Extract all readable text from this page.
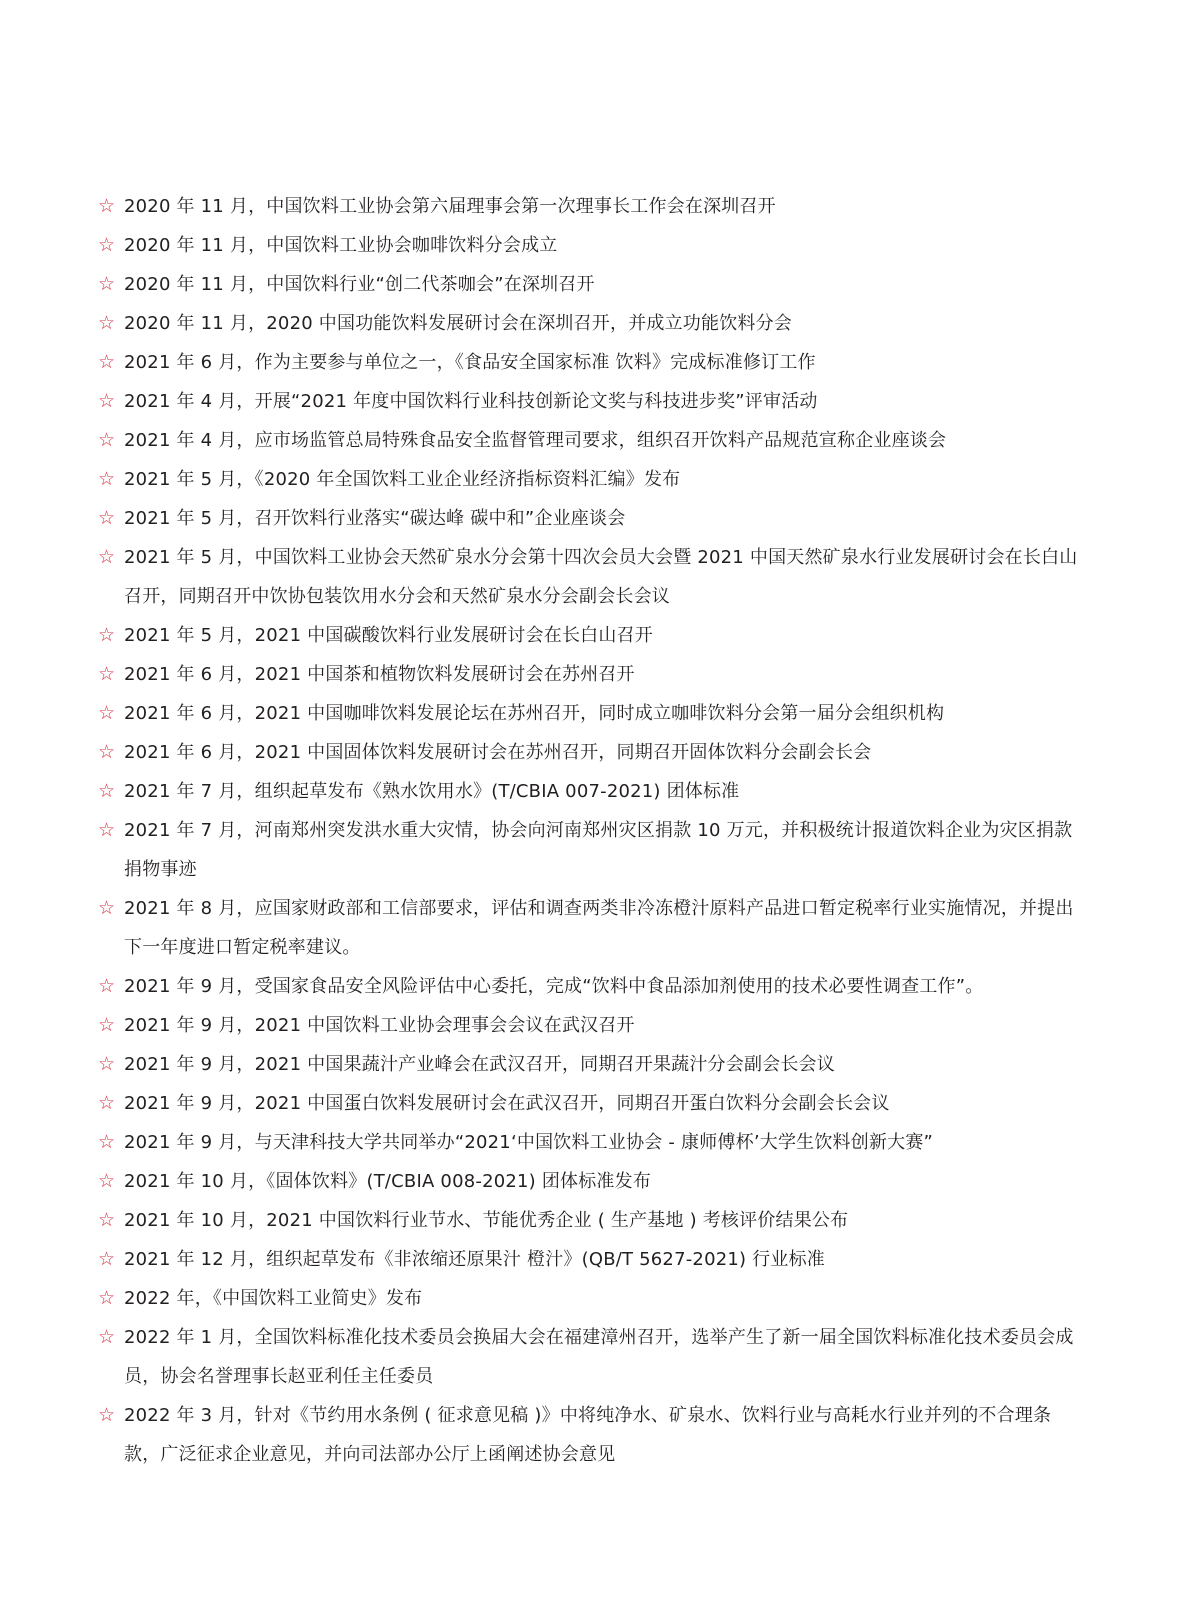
☆ 2020 年 11 月，中国饮料工业协会第六届理事会第一次理事长工作会在深圳召开
☆ 2020 年 11 月，中国饮料工业协会咖啡饮料分会成立
☆ 2020 年 11 月，中国饮料行业“创二代茶咖会”在深圳召开
☆ 2020 年 11 月，2020 中国功能饮料发展研讨会在深圳召开，并成立功能饮料分会
☆ 2021 年 6 月，作为主要参与单位之一，《食品安全国家标准 饮料》完成标准修订工作
☆ 2021 年 4 月，开展“2021 年度中国饮料行业科技创新论文奖与科技进步奖”评审活动
☆ 2021 年 4 月，应市场监管总局特殊食品安全监督管理司要求，组织召开饮料产品规范宣称企业座谈会
☆ 2021 年 5 月，《2020 年全国饮料工业企业经济指标资料汇编》发布
☆ 2021 年 5 月，召开饮料行业落实“碳达峰 碳中和”企业座谈会
☆ 2021 年 5 月，中国饮料工业协会天然矿泉水分会第十四次会员大会暨 2021 中国天然矿泉水行业发展研讨会在长白山召开，同期召开中饮协包装饮用水分会和天然矿泉水分会副会长会议
☆ 2021 年 5 月，2021 中国碳酸饮料行业发展研讨会在长白山召开
☆ 2021 年 6 月，2021 中国茶和植物饮料发展研讨会在苏州召开
☆ 2021 年 6 月，2021 中国咖啡饮料发展论坛在苏州召开，同时成立咖啡饮料分会第一届分会组织机构
☆ 2021 年 6 月，2021 中国固体饮料发展研讨会在苏州召开，同期召开固体饮料分会副会长会
☆ 2021 年 7 月，组织起草发布《熟水饮用水》(T/CBIA 007-2021) 团体标准
☆ 2021 年 7 月，河南郑州突发洪水重大灾情，协会向河南郑州灾区捐款 10 万元，并积极统计报道饮料企业为灾区捐款捐物事迹
☆ 2021 年 8 月，应国家财政部和工信部要求，评估和调查两类非冷冻橙汁原料产品进口暂定税率行业实施情况，并提出下一年度进口暂定税率建议。
☆ 2021 年 9 月，受国家食品安全风险评估中心委托，完成“饮料中食品添加剂使用的技术必要性调查工作”。
☆ 2021 年 9 月，2021 中国饮料工业协会理事会会议在武汉召开
☆ 2021 年 9 月，2021 中国果蔬汁产业峰会在武汉召开，同期召开果蔬汁分会副会长会议
☆ 2021 年 9 月，2021 中国蛋白饮料发展研讨会在武汉召开，同期召开蛋白饮料分会副会长会议
☆ 2021 年 9 月，与天津科技大学共同举办“2021‘中国饮料工业协会 - 康师傅杯’大学生饮料创新大赛”
☆ 2021 年 10 月，《固体饮料》(T/CBIA 008-2021) 团体标准发布
☆ 2021 年 10 月，2021 中国饮料行业节水、节能优秀企业 ( 生产基地 ) 考核评价结果公布
☆ 2021 年 12 月，组织起草发布《非浓缩还原果汁 橙汁》(QB/T 5627-2021) 行业标准
☆ 2022 年，《中国饮料工业简史》发布
☆ 2022 年 1 月，全国饮料标准化技术委员会换届大会在福建漳州召开，选举产生了新一届全国饮料标准化技术委员会成员，协会名誉理事长赵亚利任主任委员
☆ 2022 年 3 月，针对《节约用水条例 ( 征求意见稿 )》中将纯净水、矿泉水、饮料行业与高耗水行业并列的不合理条款，广泛征求企业意见，并向司法部办公厅上函阐述协会意见
